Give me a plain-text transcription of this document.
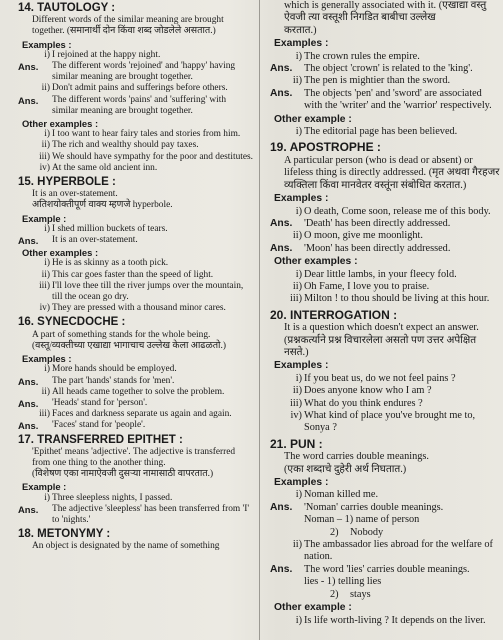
14. TAUTOLOGY :
Different words of the similar meaning are brought together. (समानार्थी दोन किंवा शब्द जोडलेले असतात.)
Examples :
i) I rejoined at the happy night.
Ans. The different words 'rejoined' and 'happy' having similar meaning are brought together.
ii) Don't admit pains and sufferings before others.
Ans. The different words 'pains' and 'suffering' with similar meaning are brought together.
Other examples :
i) I too want to hear fairy tales and stories from him.
ii) The rich and wealthy should pay taxes.
iii) We should have sympathy for the poor and destitutes.
iv) At the same old ancient inn.
15. HYPERBOLE :
It is an over-statement.
अतिशयोक्तीपूर्ण वाक्य म्हणजे hyperbole.
Example :
i) I shed million buckets of tears.
Ans. It is an over-statement.
Other examples :
i) He is as skinny as a tooth pick.
ii) This car goes faster than the speed of light.
iii) I'll love thee till the river jumps over the mountain, till the ocean go dry.
iv) They are pressed with a thousand minor cares.
16. SYNECDOCHE :
A part of something stands for the whole being.
(वस्तू/व्यक्तीच्या एखाद्या भागाचाच उल्लेख केला आढळतो.)
Examples :
i) More hands should be employed.
Ans. The part 'hands' stands for 'men'.
ii) All heads came together to solve the problem.
Ans. 'Heads' stand for 'person'.
iii) Faces and darkness separate us again and again.
Ans. 'Faces' stand for 'people'.
17. TRANSFERRED EPITHET :
'Epithet' means 'adjective'. The adjective is transferred from one thing to the another thing.
(विशेषण एका नामाऐवजी दुसऱ्या नामासाठी वापरतात.)
Example :
i) Three sleepless nights, I passed.
Ans. The adjective 'sleepless' has been transferred from 'I' to 'nights.'
18. METONYMY :
An object is designated by the name of something
which is generally associated with it. (एखाद्या वस्तु
ऐवजी त्या वस्तूशी निगडित बाबीचा उल्लेख
करतात.)
Examples :
i) The crown rules the empire.
Ans. The object 'crown' is related to the 'king'.
ii) The pen is mightier than the sword.
Ans. The objects 'pen' and 'sword' are associated with the 'writer' and the 'warrior' respectively.
Other example :
i) The editorial page has been believed.
19. APOSTROPHE :
A particular person (who is dead or absent) or lifeless thing is directly addressed. (मृत अथवा गैरहजर व्यक्तिला किंवा मानवेतर वस्तूंना संबोधित करतात.)
Examples :
i) O death, Come soon, release me of this body.
Ans. 'Death' has been directly addressed.
ii) O moon, give me moonlight.
Ans. 'Moon' has been directly addressed.
Other examples :
i) Dear little lambs, in your fleecy fold.
ii) Oh Fame, I love you to praise.
iii) Milton ! to thou should be living at this hour.
20. INTERROGATION :
It is a question which doesn't expect an answer.
(प्रश्नकर्त्याने प्रश्न विचारलेला असतो पण उत्तर अपेक्षित नसते.)
Examples :
i) If you beat us, do we not feel pains ?
ii) Does anyone know who I am ?
iii) What do you think endures ?
iv) What kind of place you've brought me to, Sonya ?
21. PUN :
The word carries double meanings.
(एका शब्दाचे दुहेरी अर्थ निघतात.)
Examples :
i) Noman killed me.
Ans. 'Noman' carries double meanings.
Noman – 1) name of person
2) Nobody
ii) The ambassador lies abroad for the welfare of nation.
Ans. The word 'lies' carries double meanings.
lies - 1) telling lies
2) stays
Other example :
i) Is life worth-living ? It depends on the liver.
